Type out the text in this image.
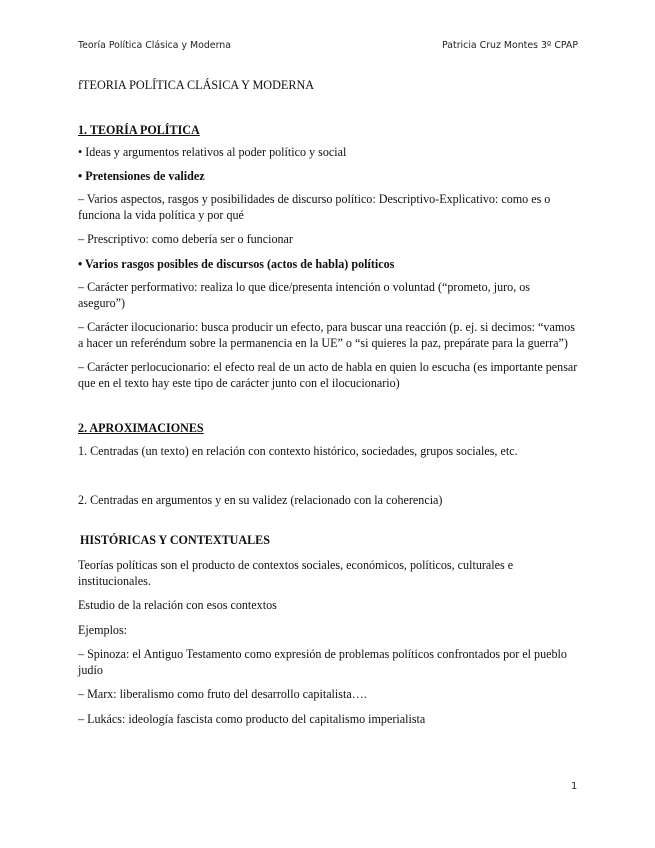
Teoría Política Clásica y Moderna	Patricia Cruz Montes 3º CPAP

fTEORIA POLÍTICA CLÁSICA Y MODERNA

1. TEORÍA POLÍTICA

• Ideas y argumentos relativos al poder político y social

• Pretensiones de validez

– Varios aspectos, rasgos y posibilidades de discurso político: Descriptivo-Explicativo: como es o funciona la vida política y por qué

– Prescriptivo: como debería ser o funcionar

• Varios rasgos posibles de discursos (actos de habla) políticos

– Carácter performativo: realiza lo que dice/presenta intención o voluntad (“prometo, juro, os aseguro”)

– Carácter ilocucionario: busca producir un efecto, para buscar una reacción (p. ej. si decimos: “vamos a hacer un referéndum sobre la permanencia en la UE” o “si quieres la paz, prepárate para la guerra”)

– Carácter perlocucionario: el efecto real de un acto de habla en quien lo escucha (es importante pensar que en el texto hay este tipo de carácter junto con el ilocucionario)

2. APROXIMACIONES

1. Centradas (un texto) en relación con contexto histórico, sociedades, grupos sociales, etc.

2. Centradas en argumentos y en su validez (relacionado con la coherencia)

HISTÓRICAS Y CONTEXTUALES

Teorías políticas son el producto de contextos sociales, económicos, políticos, culturales e institucionales.

Estudio de la relación con esos contextos

Ejemplos:

– Spinoza: el Antiguo Testamento como expresión de problemas políticos confrontados por el pueblo judío

– Marx: liberalismo como fruto del desarrollo capitalista….

– Lukács: ideología fascista como producto del capitalismo imperialista

1
